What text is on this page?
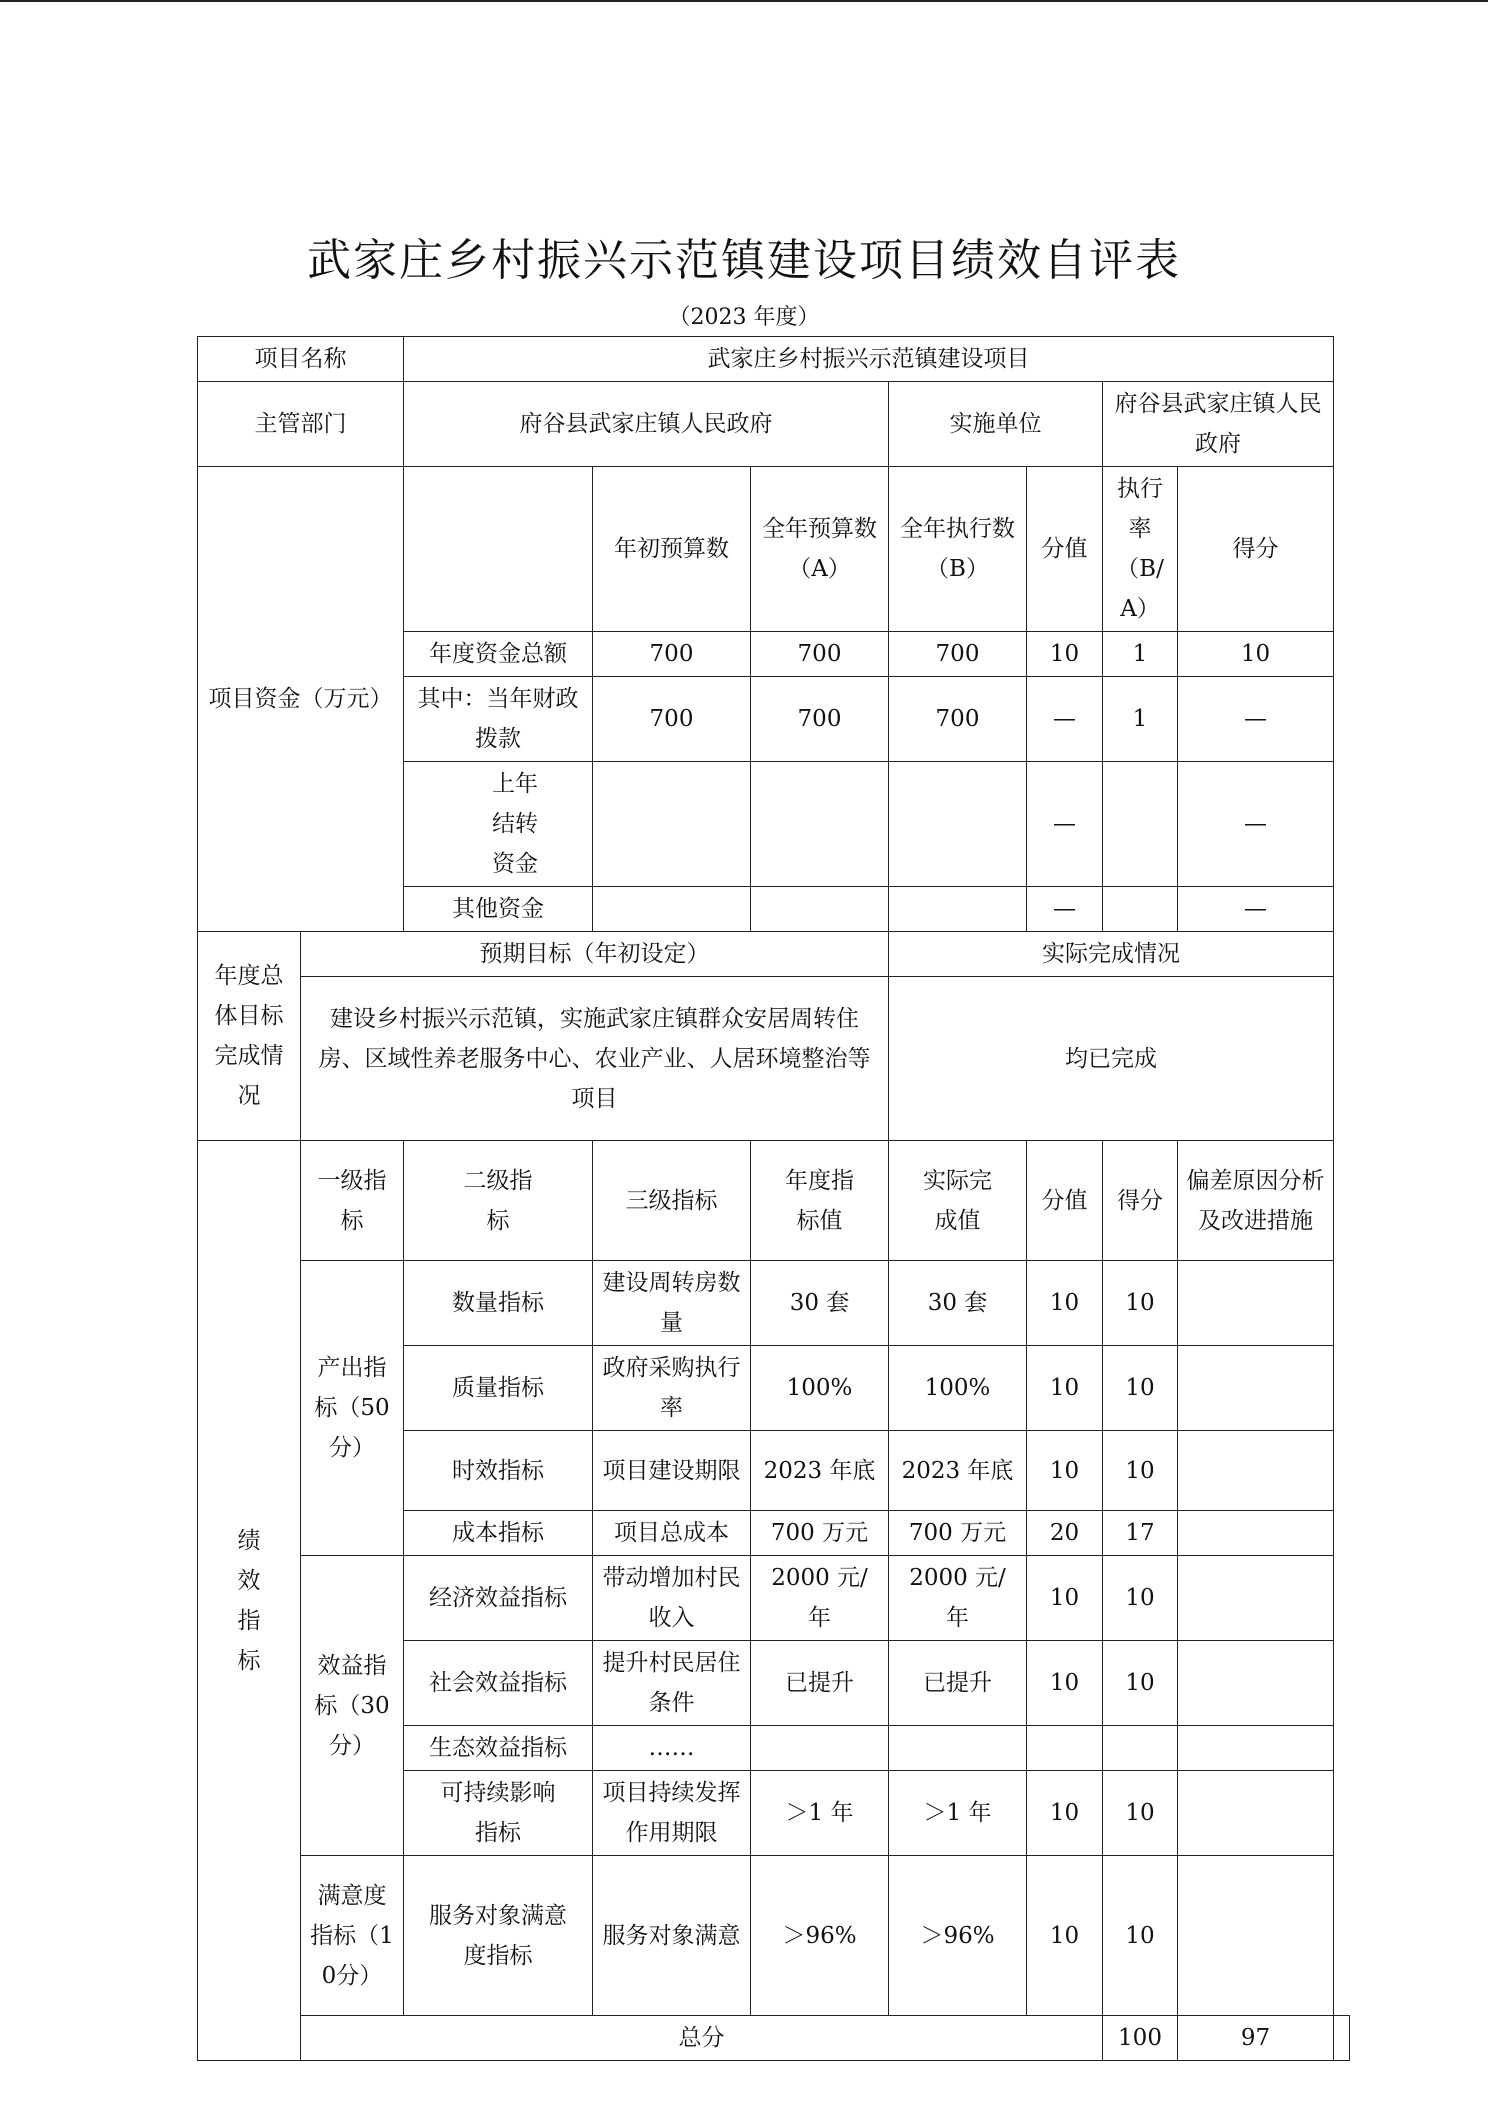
武家庄乡村振兴示范镇建设项目绩效自评表
（2023 年度）
项目名称		武家庄乡村振兴示范镇建设项目							
主管部门		府谷县武家庄镇人民政府			实施单位		府谷县武家庄镇人民政府		
项目资金（万元）			年初预算数	全年预算数（A）	全年执行数（B）	分值	执行率（B/A）	得分	
		年度资金总额	700	700	700	10	1	10	
		其中：当年财政拨款	700	700	700	—	1	—	
		上年结转资金				—		—	
		其他资金				—		—	
年度总体目标完成情况	预期目标（年初设定）				实际完成情况				
	建设乡村振兴示范镇，实施武家庄镇群众安居周转住房、区域性养老服务中心、农业产业、人居环境整治等项目				均已完成				
绩效指标	一级指标	二级指标	三级指标	年度指标值	实际完成值	分值	得分	偏差原因分析及改进措施	
	产出指标（50分）	数量指标	建设周转房数量	30 套	30 套	10	10		
		质量指标	政府采购执行率	100%	100%	10	10		
		时效指标	项目建设期限	2023 年底	2023 年底	10	10		
		成本指标	项目总成本	700 万元	700 万元	20	17		
	效益指标（30分）	经济效益指标	带动增加村民收入	2000 元/年	2000 元/年	10	10		
		社会效益指标	提升村民居住条件	已提升	已提升	10	10		
		生态效益指标	……						
		可持续影响指标	项目持续发挥作用期限	＞1 年	＞1 年	10	10		
	满意度指标（10分）	服务对象满意度指标	服务对象满意	＞96%	＞96%	10	10		
	总分						100	97	
